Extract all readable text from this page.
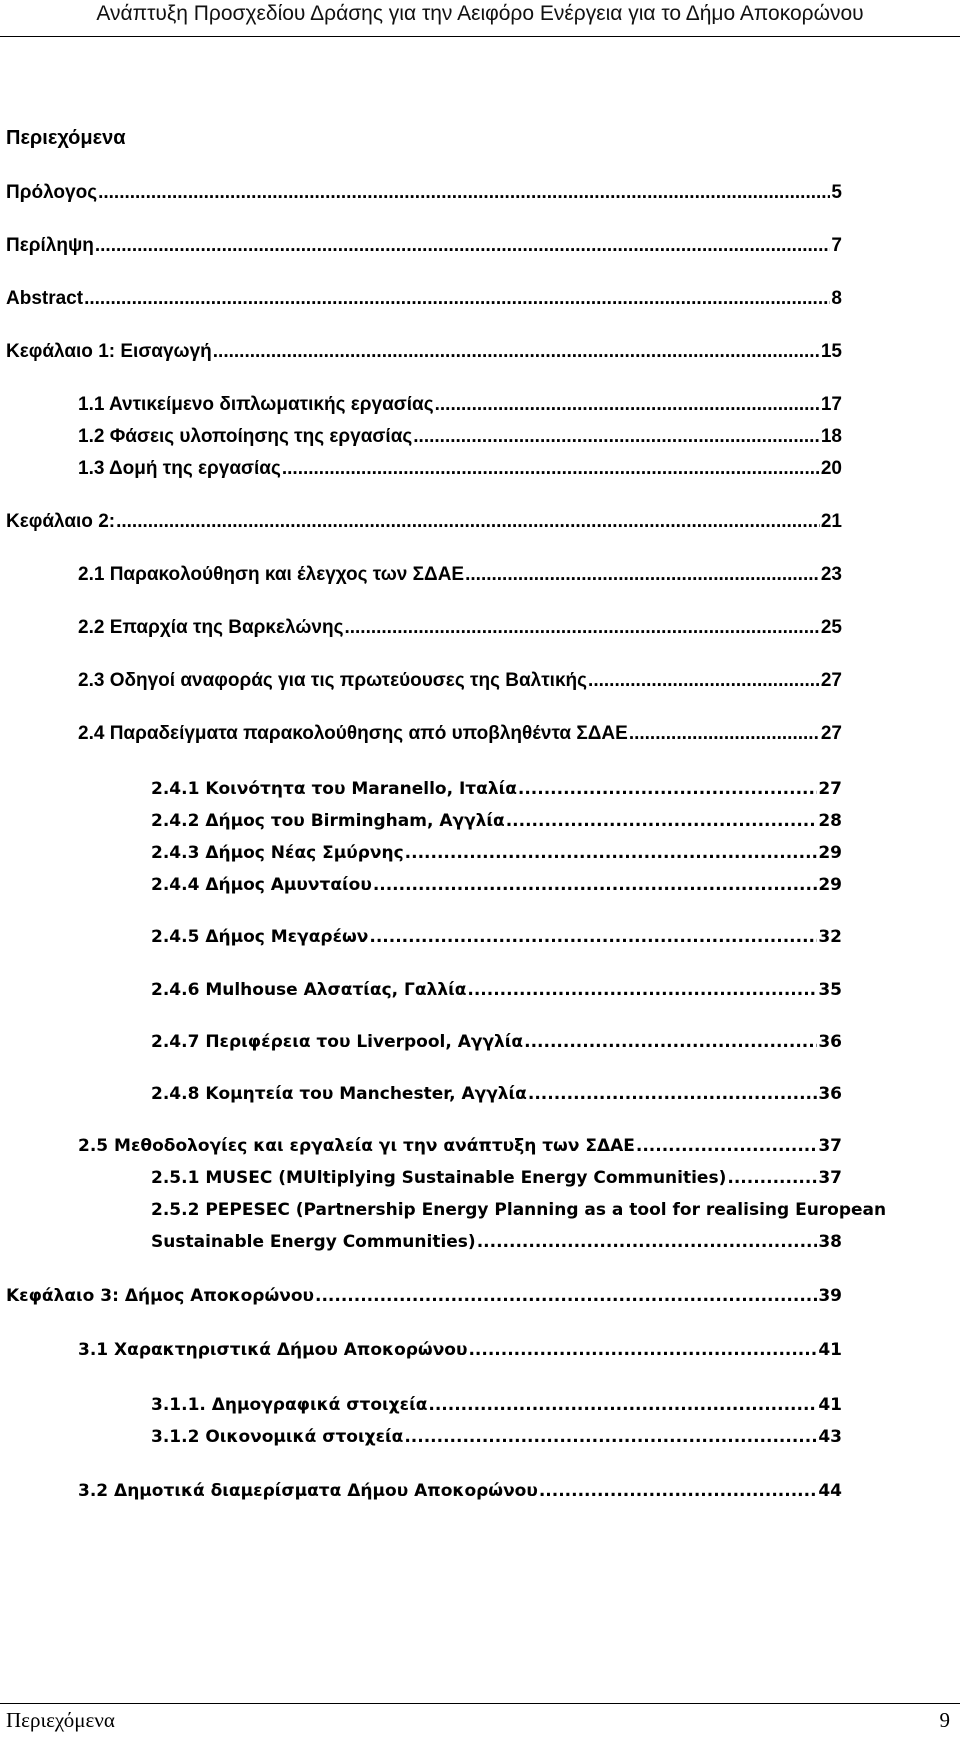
Ανάπτυξη Προσχεδίου Δράσης για την Αειφόρο Ενέργεια για το Δήμο Αποκορώνου
Περιεχόμενα
Πρόλογος .....	5
Περίληψη .....	7
Abstract .....	8
Κεφάλαιο 1: Εισαγωγή .....	15
1.1 Αντικείμενο διπλωματικής εργασίας .....	17
1.2 Φάσεις υλοποίησης της εργασίας .....	18
1.3 Δομή της εργασίας .....	20
Κεφάλαιο 2: .....	21
2.1 Παρακολούθηση και έλεγχος των ΣΔΑΕ .....	23
2.2 Επαρχία της Βαρκελώνης .....	25
2.3 Οδηγοί αναφοράς για τις πρωτεύουσες της Βαλτικής .....	27
2.4 Παραδείγματα παρακολούθησης από υποβληθέντα ΣΔΑΕ .....	27
2.4.1 Κοινότητα του Maranello, Ιταλία .....	27
2.4.2 Δήμος του Birmingham, Αγγλία .....	28
2.4.3 Δήμος Νέας Σμύρνης .....	29
2.4.4 Δήμος Αμυνταίου .....	29
2.4.5 Δήμος Μεγαρέων .....	32
2.4.6 Mulhouse Αλσατίας, Γαλλία .....	35
2.4.7 Περιφέρεια του Liverpool, Αγγλία .....	36
2.4.8 Κομητεία του Manchester, Αγγλία .....	36
2.5 Μεθοδολογίες και εργαλεία γι την ανάπτυξη των ΣΔΑΕ .....	37
2.5.1 MUSEC (MUltiplying Sustainable Energy Communities) .....	37
2.5.2 PEPESEC (Partnership Energy Planning as a tool for realising European
Sustainable Energy Communities) .....	38
Κεφάλαιο 3: Δήμος Αποκορώνου .....	39
3.1 Χαρακτηριστικά Δήμου Αποκορώνου .....	41
3.1.1. Δημογραφικά στοιχεία .....	41
3.1.2 Οικονομικά στοιχεία .....	43
3.2 Δημοτικά διαμερίσματα Δήμου Αποκορώνου .....	44
Περιεχόμενα	9
